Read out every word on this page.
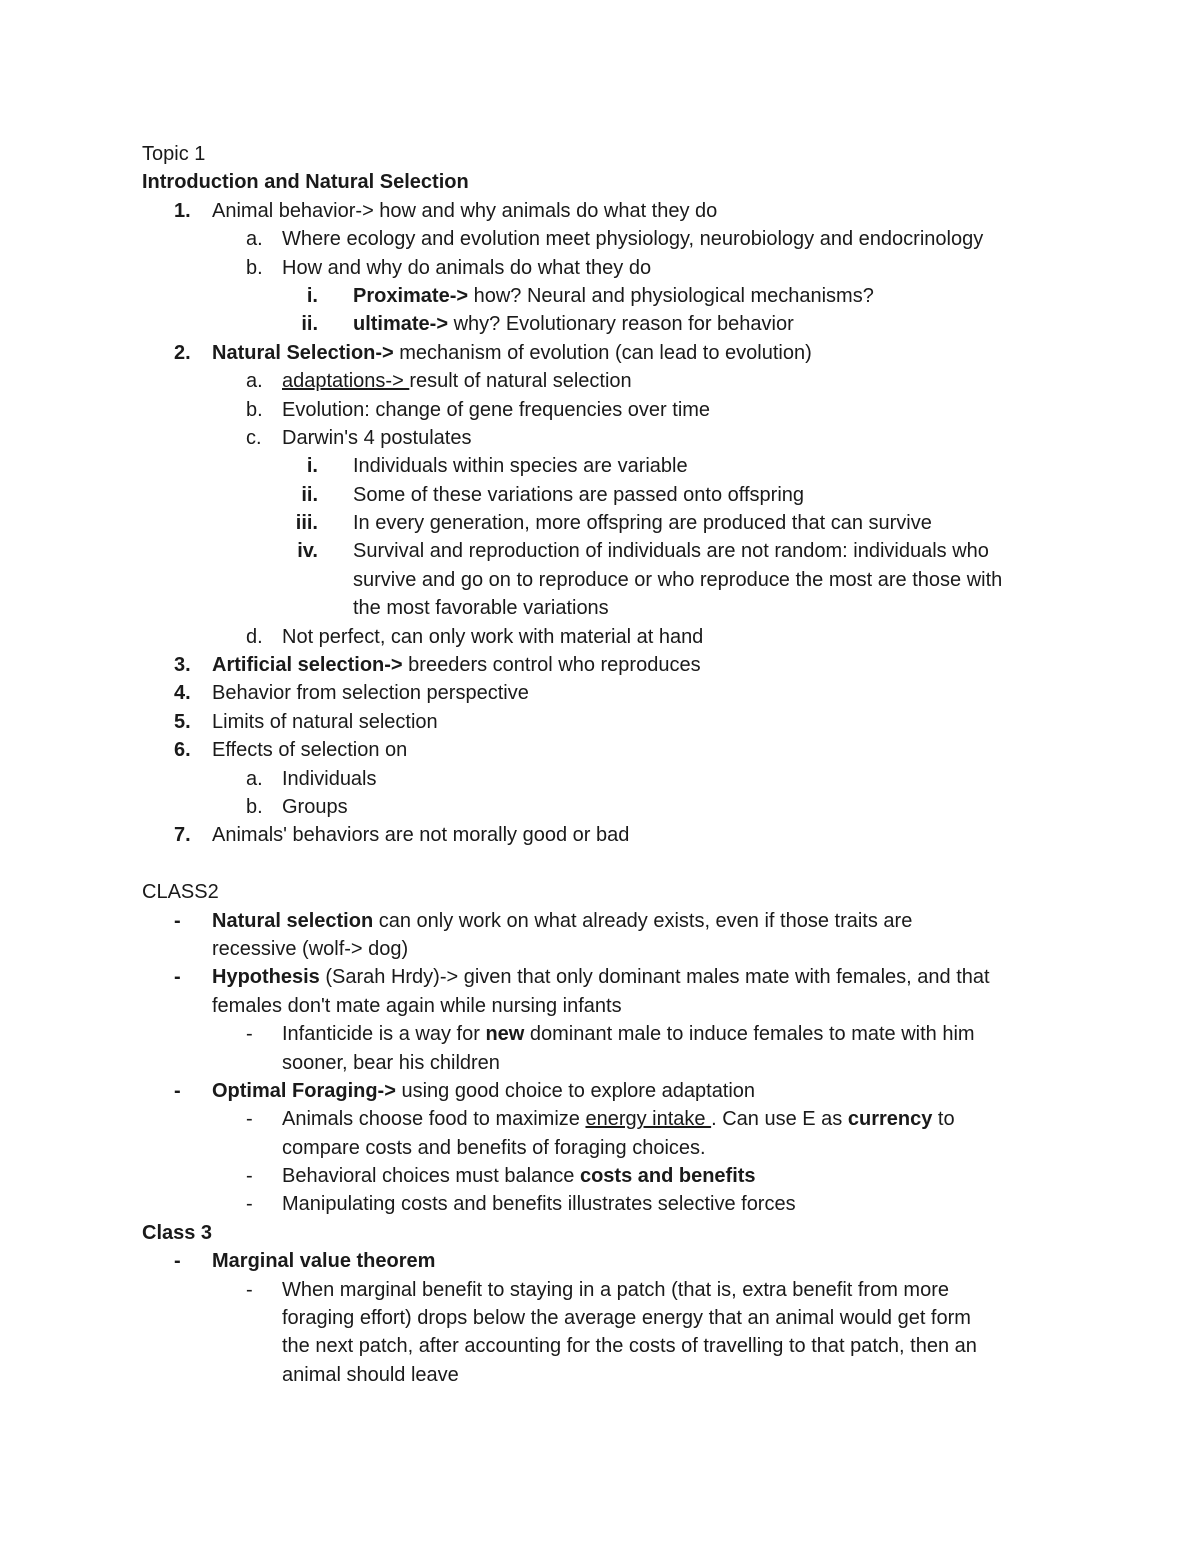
Topic 1
Introduction and Natural Selection
1.	Animal behavior-> how and why animals do what they do
a. Where ecology and evolution meet physiology, neurobiology and endocrinology
b. How and why do animals do what they do
i.	Proximate-> how? Neural and physiological mechanisms?
ii.	ultimate-> why? Evolutionary reason for behavior
2.	Natural Selection-> mechanism of evolution (can lead to evolution)
a. adaptations-> result of natural selection
b. Evolution: change of gene frequencies over time
c.	Darwin's 4 postulates
i.	Individuals within species are variable
ii.	Some of these variations are passed onto offspring
iii.	In every generation, more offspring are produced that can survive
iv.	Survival and reproduction of individuals are not random: individuals who
survive and go on to reproduce or who reproduce the most are those with
the most favorable variations
d. Not perfect, can only work with material at hand
3.	Artificial selection-> breeders control who reproduces
4.	Behavior from selection perspective
5.	Limits of natural selection
6.	Effects of selection on
a. Individuals
b. Groups
7.	Animals' behaviors are not morally good or bad
CLASS2
-	Natural selection can only work on what already exists, even if those traits are
recessive (wolf-> dog)
-	Hypothesis (Sarah Hrdy)-> given that only dominant males mate with females, and that
females don't mate again while nursing infants
-	Infanticide is a way for new dominant male to induce females to mate with him
sooner, bear his children
-	Optimal Foraging-> using good choice to explore adaptation
-	Animals choose food to maximize energy intake . Can use E as currency to
compare costs and benefits of foraging choices.
-	Behavioral choices must balance costs and benefits
-	Manipulating costs and benefits illustrates selective forces
Class 3
-	Marginal value theorem
-	When marginal benefit to staying in a patch (that is, extra benefit from more
foraging effort) drops below the average energy that an animal would get form
the next patch, after accounting for the costs of travelling to that patch, then an
animal should leave
